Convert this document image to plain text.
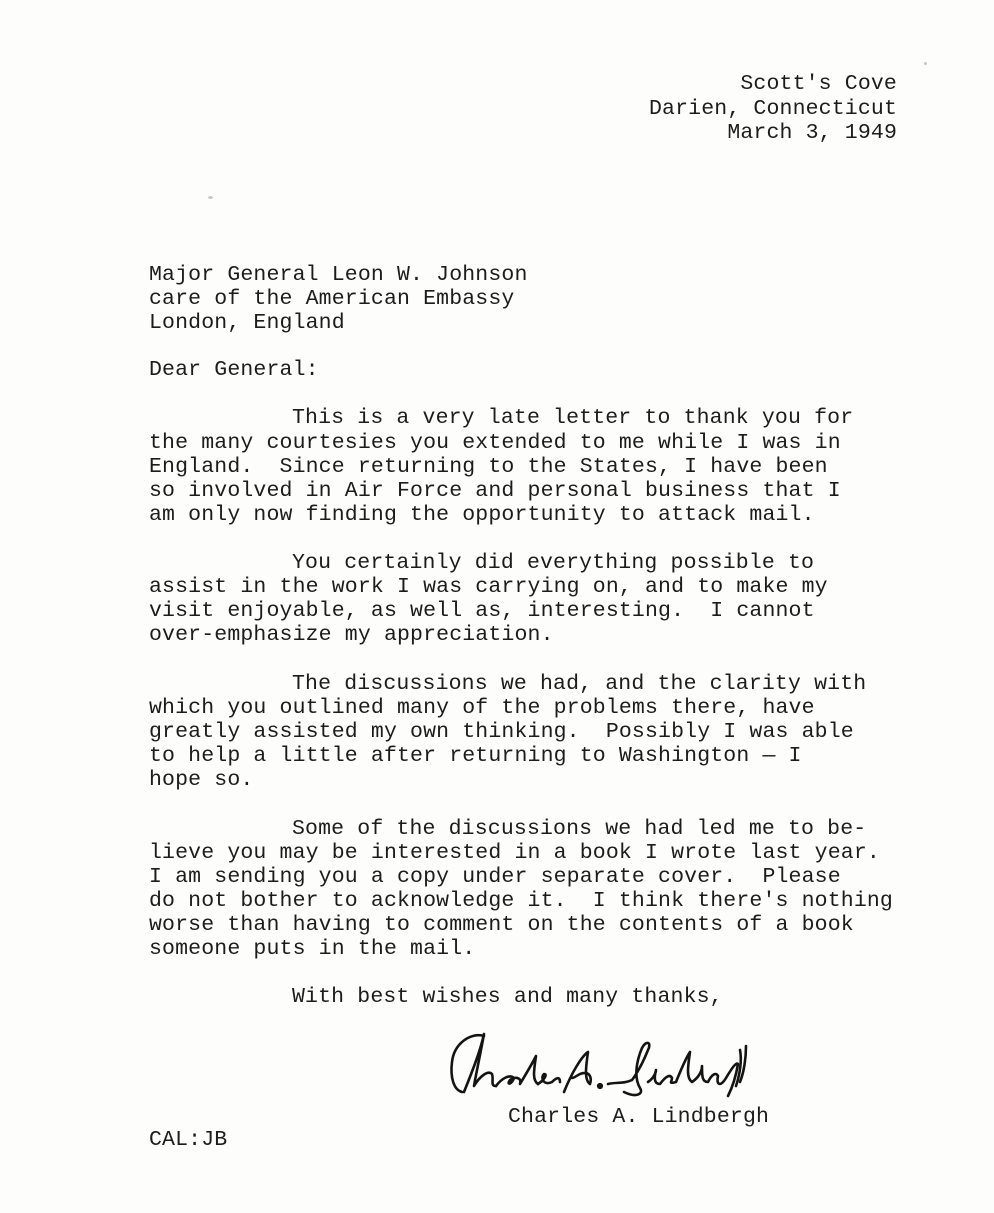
Scott's Cove
Darien, Connecticut
March 3, 1949
Major General Leon W. Johnson
care of the American Embassy
London, England
Dear General:
This is a very late letter to thank you for
the many courtesies you extended to me while I was in
England.  Since returning to the States, I have been
so involved in Air Force and personal business that I
am only now finding the opportunity to attack mail.
You certainly did everything possible to
assist in the work I was carrying on, and to make my
visit enjoyable, as well as, interesting.  I cannot
over-emphasize my appreciation.
The discussions we had, and the clarity with
which you outlined many of the problems there, have
greatly assisted my own thinking.  Possibly I was able
to help a little after returning to Washington — I
hope so.
Some of the discussions we had led me to be-
lieve you may be interested in a book I wrote last year.
I am sending you a copy under separate cover.  Please
do not bother to acknowledge it.  I think there's nothing
worse than having to comment on the contents of a book
someone puts in the mail.
With best wishes and many thanks,
Charles A. Lindbergh
CAL:JB
